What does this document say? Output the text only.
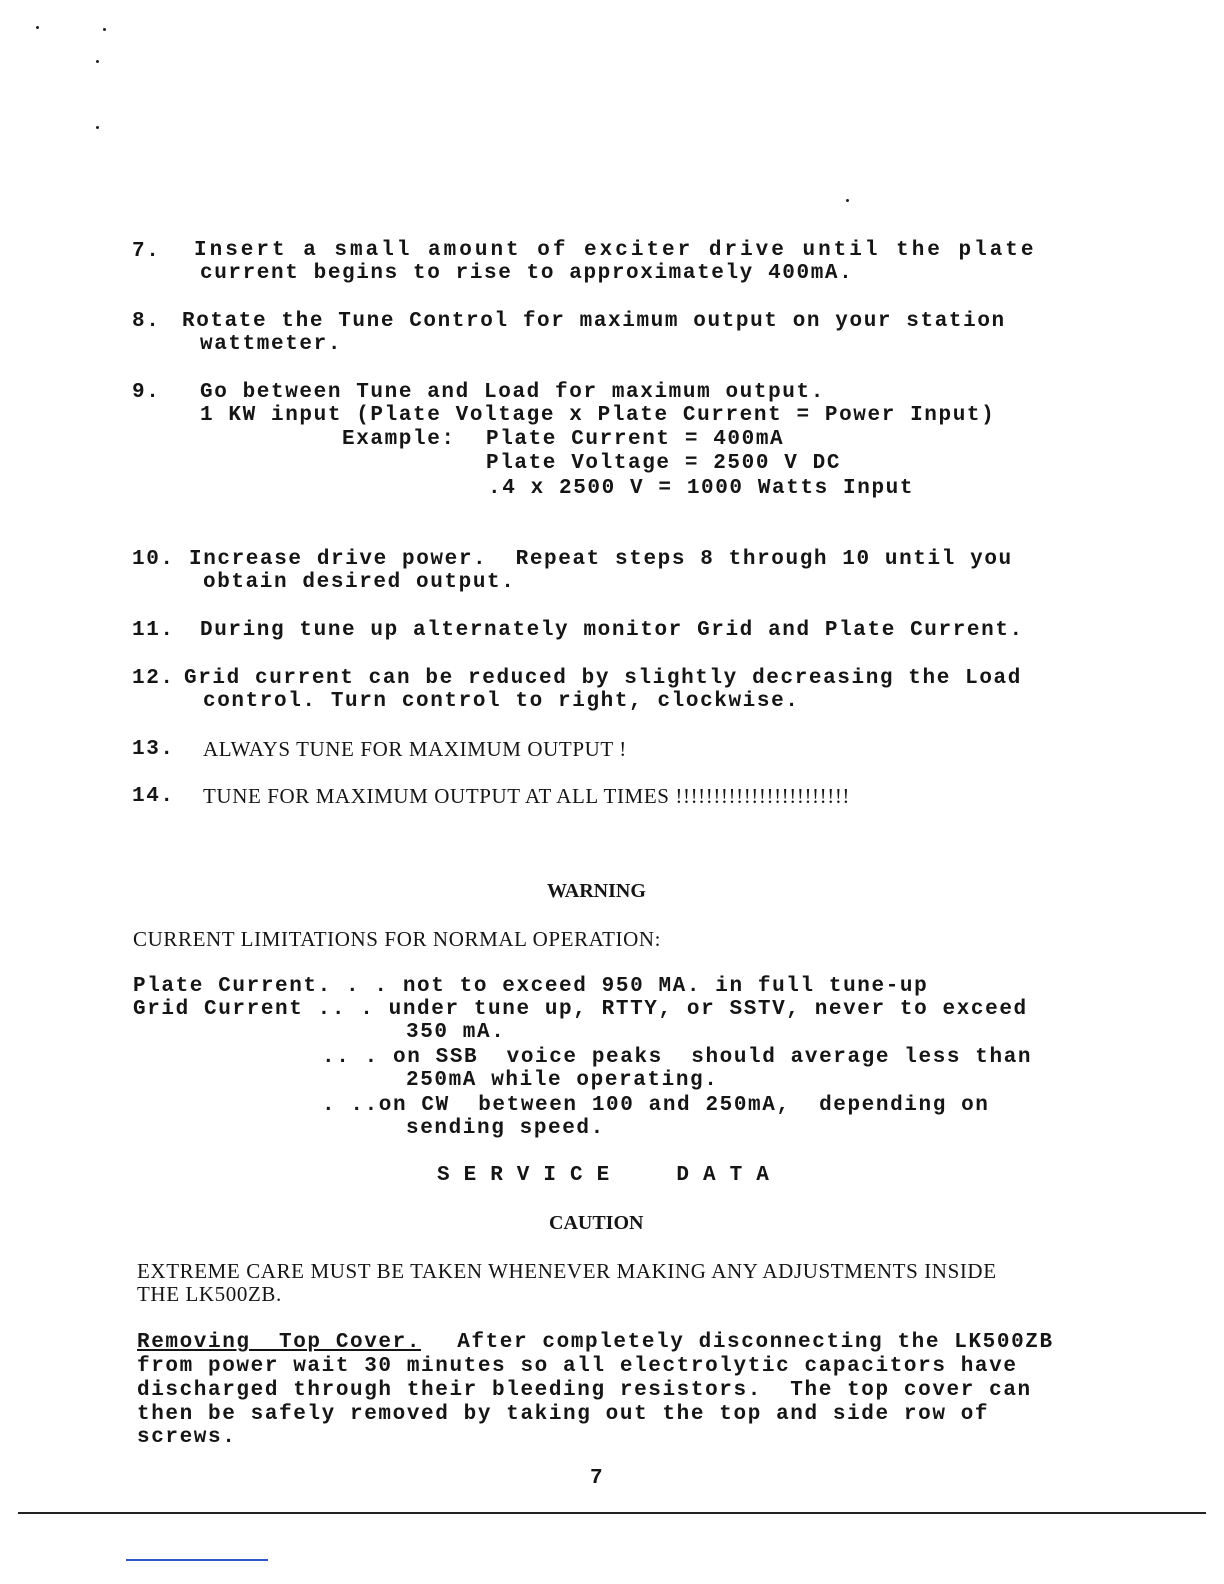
7. Insert a small amount of exciter drive until the plate
current begins to rise to approximately 400mA.
8. Rotate the Tune Control for maximum output on your station
wattmeter.
9. Go between Tune and Load for maximum output.
1 KW input (Plate Voltage x Plate Current = Power Input)
Example: Plate Current = 400mA
Plate Voltage = 2500 V DC
.4 x 2500 V = 1000 Watts Input
10. Increase drive power.  Repeat steps 8 through 10 until you
obtain desired output.
11. During tune up alternately monitor Grid and Plate Current.
12. Grid current can be reduced by slightly decreasing the Load
control. Turn control to right, clockwise.
13. ALWAYS TUNE FOR MAXIMUM OUTPUT !
14. TUNE FOR MAXIMUM OUTPUT AT ALL TIMES !!!!!!!!!!!!!!!!!!!!!!!
WARNING
CURRENT LIMITATIONS FOR NORMAL OPERATION:
Plate Current. . . not to exceed 950 MA. in full tune-up
Grid Current .. . under tune up, RTTY, or SSTV, never to exceed
350 mA.
.. . on SSB  voice peaks  should average less than
250mA while operating.
. ..on CW  between 100 and 250mA,  depending on
sending speed.
SERVICE  DATA
CAUTION
EXTREME CARE MUST BE TAKEN WHENEVER MAKING ANY ADJUSTMENTS INSIDE
THE LK500ZB.
Removing  Top Cover. After completely disconnecting the LK500ZB
from power wait 30 minutes so all electrolytic capacitors have
discharged through their bleeding resistors.  The top cover can
then be safely removed by taking out the top and side row of
screws.
7
